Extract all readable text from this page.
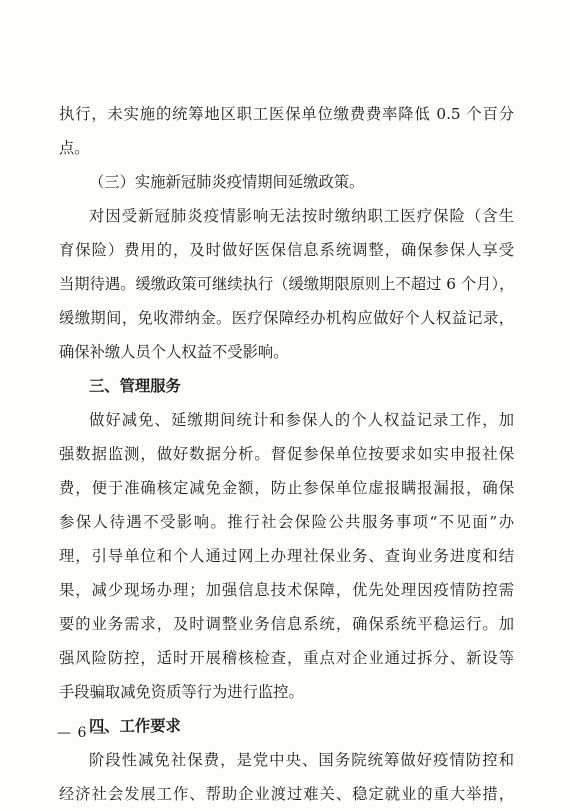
执行，未实施的统筹地区职工医保单位缴费费率降低 0.5 个百分
点。
（三）实施新冠肺炎疫情期间延缴政策。
对因受新冠肺炎疫情影响无法按时缴纳职工医疗保险（含生
育保险）费用的，及时做好医保信息系统调整，确保参保人享受
当期待遇。缓缴政策可继续执行（缓缴期限原则上不超过 6 个月），
缓缴期间，免收滞纳金。医疗保障经办机构应做好个人权益记录，
确保补缴人员个人权益不受影响。
三、管理服务
做好减免、延缴期间统计和参保人的个人权益记录工作，加
强数据监测，做好数据分析。督促参保单位按要求如实申报社保
费，便于准确核定减免金额，防止参保单位虚报瞒报漏报，确保
参保人待遇不受影响。推行社会保险公共服务事项“不见面”办
理，引导单位和个人通过网上办理社保业务、查询业务进度和结
果，减少现场办理；加强信息技术保障，优先处理因疫情防控需
要的业务需求，及时调整业务信息系统，确保系统平稳运行。加
强风险防控，适时开展稽核检查，重点对企业通过拆分、新设等
手段骗取减免资质等行为进行监控。
四、工作要求
阶段性减免社保费，是党中央、国务院统筹做好疫情防控和
经济社会发展工作、帮助企业渡过难关、稳定就业的重大举措，
— 6 —
